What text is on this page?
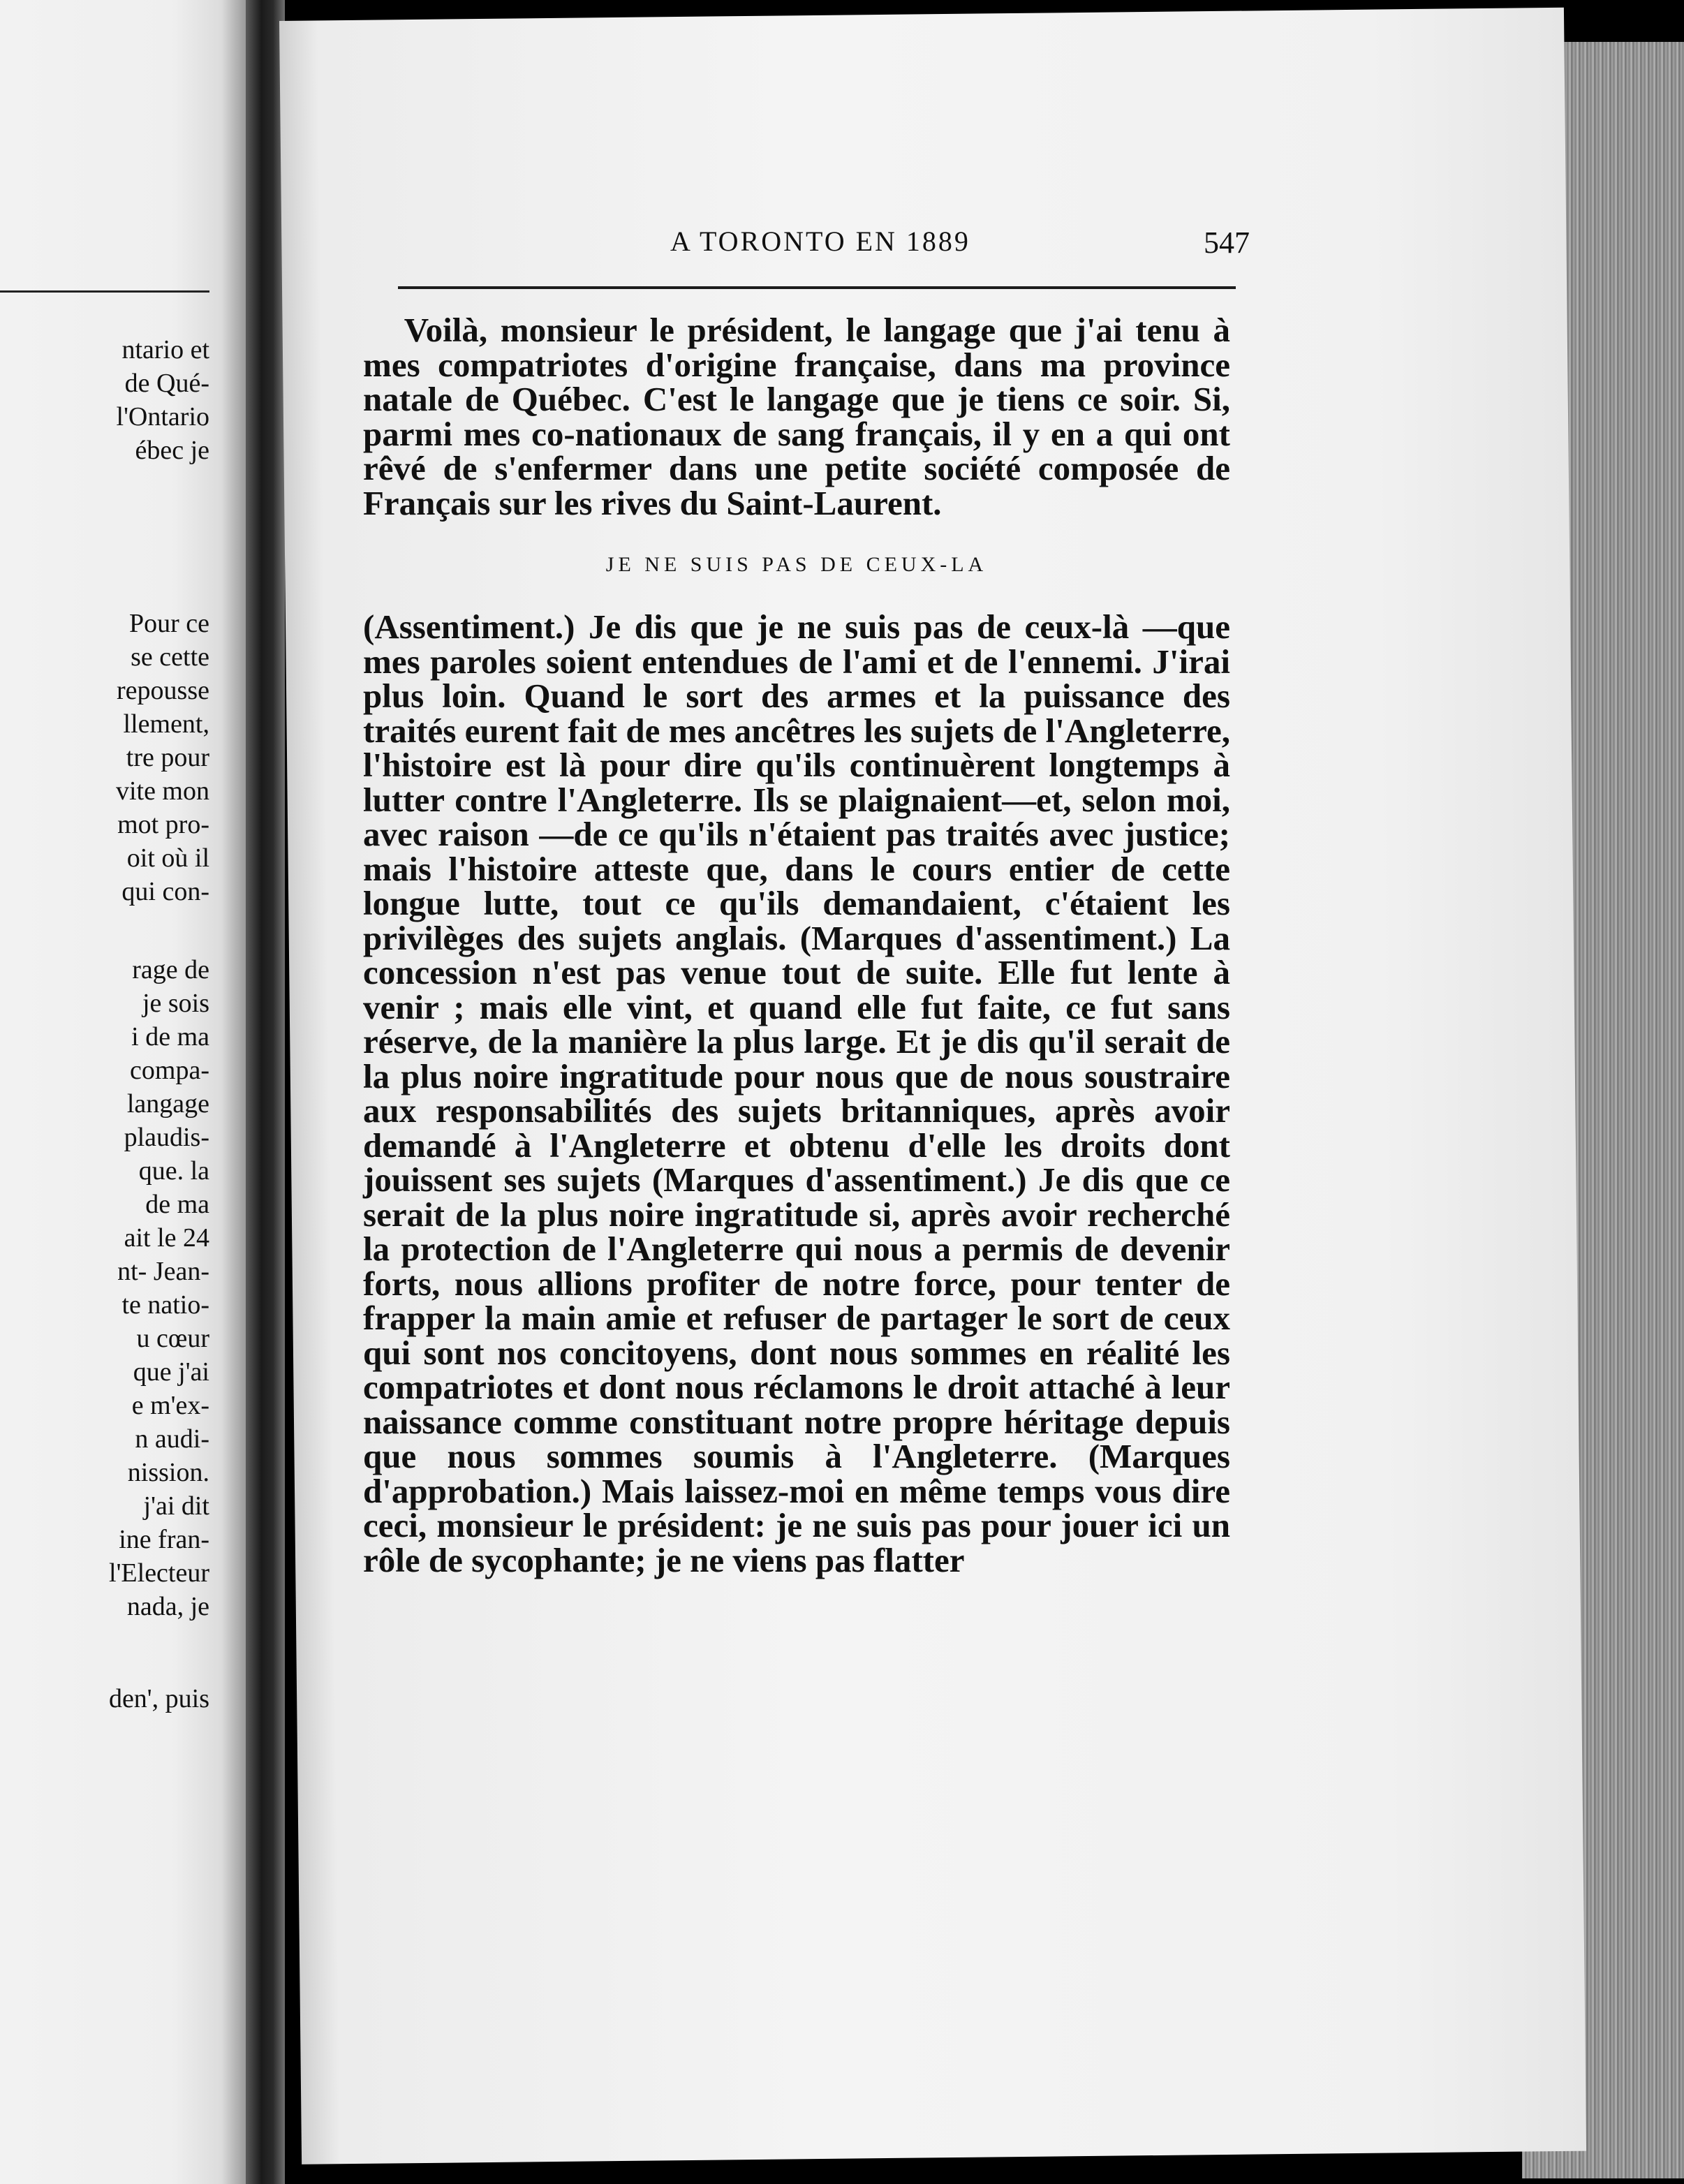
ntario et
de Qué-
l'Ontario
ébec je
Pour ce
se cette
repousse
llement,
tre pour
vite mon
mot pro-
oit où il
qui con-
rage de
je sois
i de ma
compa-
langage
plaudis-
que. la
de ma
ait le 24
nt- Jean-
te natio-
u cœur
que j'ai
e m'ex-
n audi-
nission.
j'ai dit
ine fran-
l'Electeur
nada, je
den', puis
A TORONTO EN 1889	547

Voilà, monsieur le président, le langage que j'ai tenu à mes compatriotes d'origine française, dans ma province natale de Québec. C'est le langage que je tiens ce soir. Si, parmi mes co-nationaux de sang français, il y en a qui ont rêvé de s'enfermer dans une petite société composée de Français sur les rives du Saint-Laurent.

JE NE SUIS PAS DE CEUX-LA

(Assentiment.) Je dis que je ne suis pas de ceux-là —que mes paroles soient entendues de l'ami et de l'ennemi. J'irai plus loin. Quand le sort des armes et la puissance des traités eurent fait de mes ancêtres les sujets de l'Angleterre, l'histoire est là pour dire qu'ils continuèrent longtemps à lutter contre l'Angleterre. Ils se plaignaient—et, selon moi, avec raison —de ce qu'ils n'étaient pas traités avec justice; mais l'histoire atteste que, dans le cours entier de cette longue lutte, tout ce qu'ils demandaient, c'étaient les privilèges des sujets anglais. (Marques d'assentiment.) La concession n'est pas venue tout de suite. Elle fut lente à venir ; mais elle vint, et quand elle fut faite, ce fut sans réserve, de la manière la plus large. Et je dis qu'il serait de la plus noire ingratitude pour nous que de nous soustraire aux responsabilités des sujets britanniques, après avoir demandé à l'Angleterre et obtenu d'elle les droits dont jouissent ses sujets (Marques d'assentiment.) Je dis que ce serait de la plus noire ingratitude si, après avoir recherché la protection de l'Angleterre qui nous a permis de devenir forts, nous allions profiter de notre force, pour tenter de frapper la main amie et refuser de partager le sort de ceux qui sont nos concitoyens, dont nous sommes en réalité les compatriotes et dont nous réclamons le droit attaché à leur naissance comme constituant notre propre héritage depuis que nous sommes soumis à l'Angleterre. (Marques d'approbation.) Mais laissez-moi en même temps vous dire ceci, monsieur le président: je ne suis pas pour jouer ici un rôle de sycophante; je ne viens pas flatter
